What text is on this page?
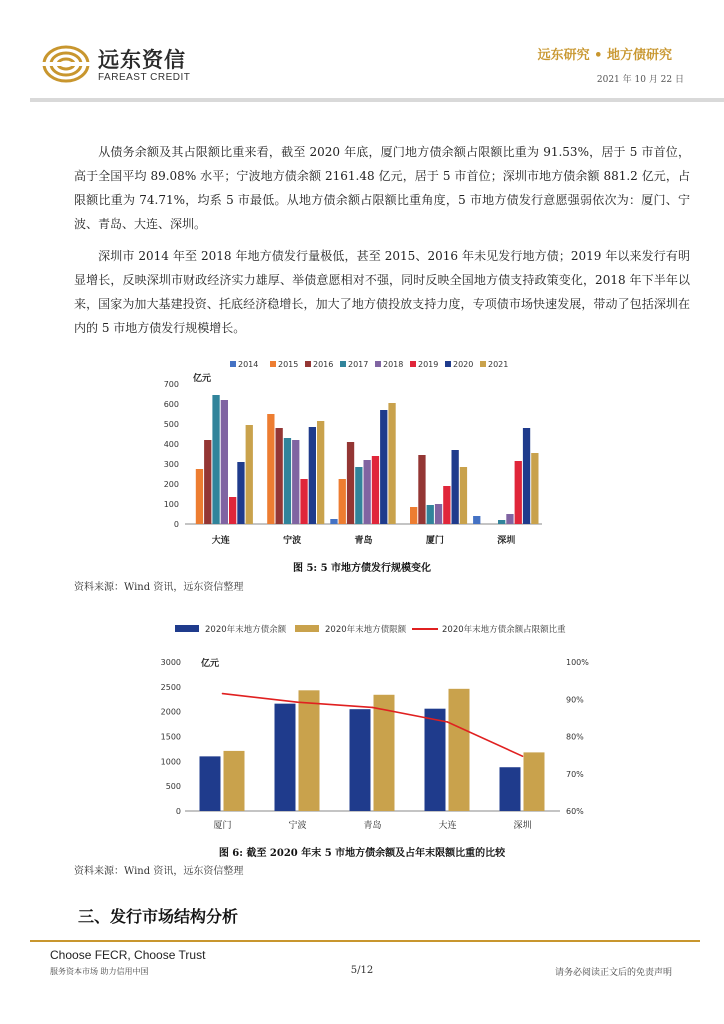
远东资信
FAREAST CREDIT
远东研究 • 地方债研究
2021 年 10 月 22 日
从债务余额及其占限额比重来看，截至 2020 年底，厦门地方债余额占限额比重为 91.53%，居于 5 市首位，高于全国平均 89.08% 水平；宁波地方债余额 2161.48 亿元，居于 5 市首位；深圳市地方债余额 881.2 亿元，占限额比重为 74.71%，均系 5 市最低。从地方债余额占限额比重角度，5 市地方债发行意愿强弱依次为：厦门、宁波、青岛、大连、深圳。
深圳市 2014 年至 2018 年地方债发行量极低，甚至 2015、2016 年未见发行地方债；2019 年以来发行有明显增长，反映深圳市财政经济实力雄厚、举债意愿相对不强，同时反映全国地方债支持政策变化，2018 年下半年以来，国家为加大基建投资、托底经济稳增长，加大了地方债投放支持力度，专项债市场快速发展，带动了包括深圳在内的 5 市地方债发行规模增长。
2014 2015 2016 2017 2018 2019 2020 2021
亿元
0
100
200
300
400
500
600
700
大连	宁波	青岛	厦门	深圳
图 5: 5 市地方债发行规模变化
资料来源：Wind 资讯，远东资信整理
2020年末地方债余额	2020年末地方债限额	2020年末地方债余额占限额比重
亿元
0
500
1000
1500
2000
2500
3000
60%
70%
80%
90%
100%
厦门	宁波	青岛	大连	深圳
图 6: 截至 2020 年末 5 市地方债余额及占年末限额比重的比较
资料来源：Wind 资讯，远东资信整理
三、发行市场结构分析
Choose FECR, Choose Trust
服务资本市场 助力信用中国	5/12	请务必阅读正文后的免责声明
